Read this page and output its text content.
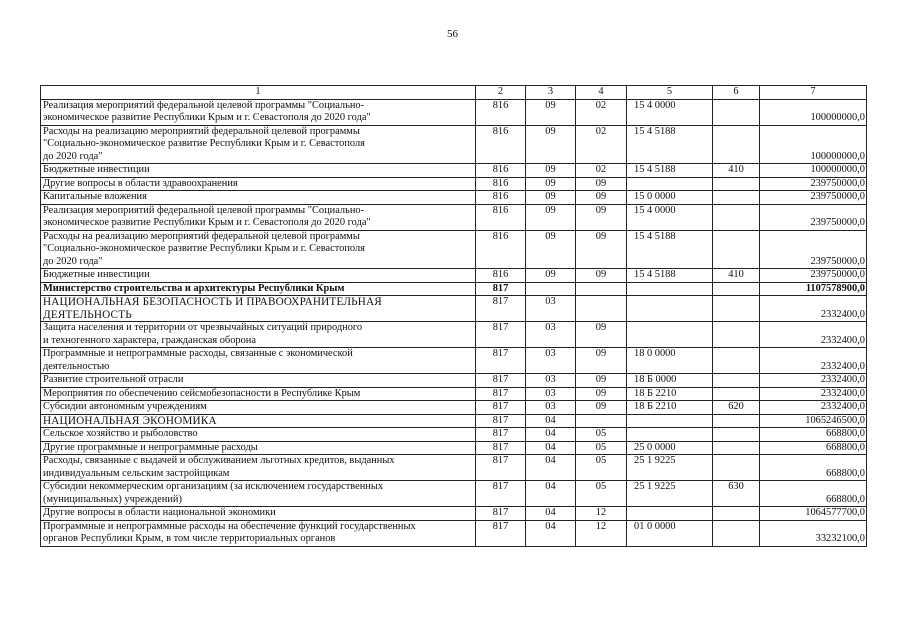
56
1	2	3	4	5	6	7

Реализация мероприятий федеральной целевой программы "Социально-
экономическое развитие Республики Крым и г. Севастополя до 2020 года"	816	09	02	15 4 0000		100000000,0

Расходы на реализацию мероприятий федеральной целевой программы
"Социально-экономическое развитие Республики Крым и г. Севастополя
до 2020 года"	816	09	02	15 4 5188		100000000,0

Бюджетные инвестиции	816	09	02	15 4 5188	410	100000000,0

Другие вопросы в области здравоохранения	816	09	09			239750000,0

Капитальные вложения	816	09	09	15 0 0000		239750000,0

Реализация мероприятий федеральной целевой программы "Социально-
экономическое развитие Республики Крым и г. Севастополя до 2020 года"	816	09	09	15 4 0000		239750000,0

Расходы на реализацию мероприятий федеральной целевой программы
"Социально-экономическое развитие Республики Крым и г. Севастополя
до 2020 года"	816	09	09	15 4 5188		239750000,0

Бюджетные инвестиции	816	09	09	15 4 5188	410	239750000,0

Министерство строительства и архитектуры Республики Крым	817					1107578900,0

НАЦИОНАЛЬНАЯ БЕЗОПАСНОСТЬ И ПРАВООХРАНИТЕЛЬНАЯ
ДЕЯТЕЛЬНОСТЬ	817	03				2332400,0

Защита населения и территории от чрезвычайных ситуаций природного
и техногенного характера, гражданская оборона	817	03	09			2332400,0

Программные и непрограммные расходы, связанные с экономической
деятельностью	817	03	09	18 0 0000		2332400,0

Развитие строительной отрасли	817	03	09	18 Б 0000		2332400,0

Мероприятия по обеспечению сейсмобезопасности в Республике Крым	817	03	09	18 Б 2210		2332400,0

Субсидии автономным учреждениям	817	03	09	18 Б 2210	620	2332400,0

НАЦИОНАЛЬНАЯ ЭКОНОМИКА	817	04				1065246500,0

Сельское хозяйство и рыболовство	817	04	05			668800,0

Другие программные и непрограммные расходы	817	04	05	25 0 0000		668800,0

Расходы, связанные с выдачей и обслуживанием льготных кредитов, выданных
индивидуальным сельским застройщикам	817	04	05	25 1 9225		668800,0

Субсидии некоммерческим организациям (за исключением государственных
(муниципальных) учреждений)	817	04	05	25 1 9225	630	668800,0

Другие вопросы в области национальной экономики	817	04	12			1064577700,0

Программные и непрограммные расходы на обеспечение функций государственных
органов Республики Крым, в том числе территориальных органов	817	04	12	01 0 0000		33232100,0
